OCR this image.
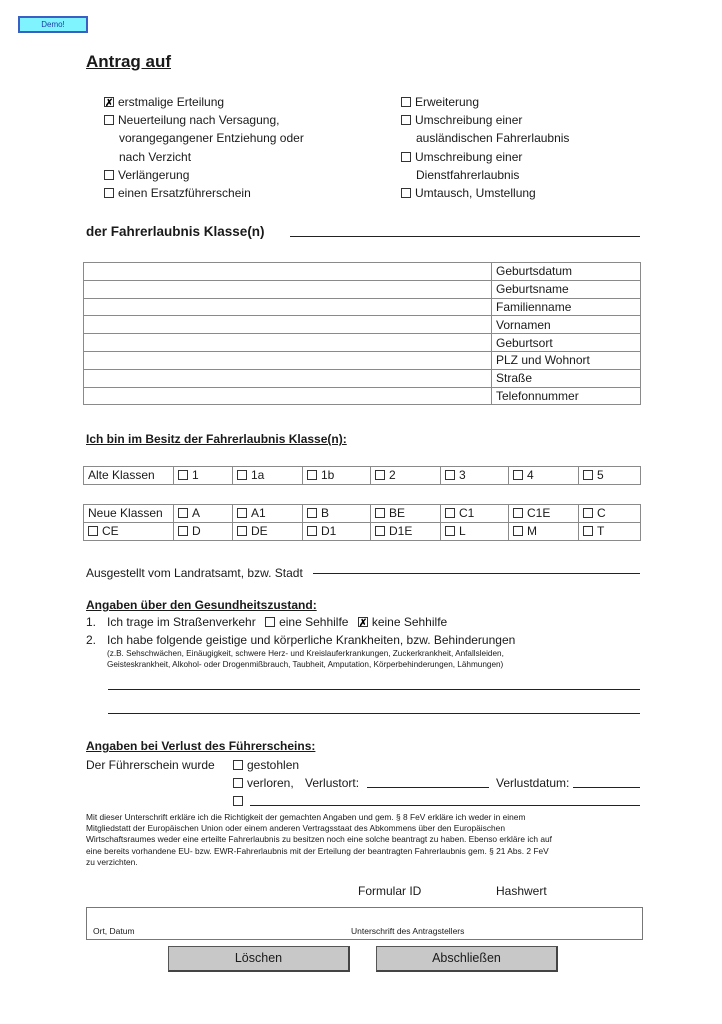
Demo!
Antrag auf
✗erstmalige Erteilung
Neuerteilung nach Versagung,
vorangegangener Entziehung oder
nach Verzicht
Verlängerung
einen Ersatzführerschein
Erweiterung
Umschreibung einer
ausländischen Fahrerlaubnis
Umschreibung einer
Dienstfahrerlaubnis
Umtausch, Umstellung
der Fahrerlaubnis Klasse(n)
	Geburtsdatum
	Geburtsname
	Familienname
	Vornamen
	Geburtsort
	PLZ und Wohnort
	Straße
	Telefonnummer
Ich bin im Besitz der Fahrerlaubnis Klasse(n):
Alte Klassen	1	1a	1b	2	3	4	5
Neue Klassen	A	A1	B	BE	C1	C1E	C
CE	D	DE	D1	D1E	L	M	T
Ausgestellt vom Landratsamt, bzw. Stadt
Angaben über den Gesundheitszustand:
1. Ich trage im Straßenverkehr eine Sehhilfe ✗ keine Sehhilfe
2. Ich habe folgende geistige und körperliche Krankheiten, bzw. Behinderungen
(z.B. Sehschwächen, Einäugigkeit, schwere Herz- und Kreislauferkrankungen, Zuckerkrankheit, Anfallsleiden,
Geisteskrankheit, Alkohol- oder Drogenmißbrauch, Taubheit, Amputation, Körperbehinderungen, Lähmungen)
Angaben bei Verlust des Führerscheins:
Der Führerschein wurde	gestohlen
verloren, Verlustort:	Verlustdatum:
Mit dieser Unterschrift erkläre ich die Richtigkeit der gemachten Angaben und gem. § 8 FeV erkläre ich weder in einem
Mitgliedstatt der Europäischen Union oder einem anderen Vertragsstaat des Abkommens über den Europäischen
Wirtschaftsraumes weder eine erteilte Fahrerlaubnis zu besitzen noch eine solche beantragt zu haben. Ebenso erkläre ich auf
eine bereits vorhandene EU- bzw. EWR-Fahrerlaubnis mit der Erteilung der beantragten Fahrerlaubnis gem. § 21 Abs. 2 FeV
zu verzichten.
Formular ID	Hashwert
Ort, Datum	Unterschrift des Antragstellers
Löschen	Abschließen
